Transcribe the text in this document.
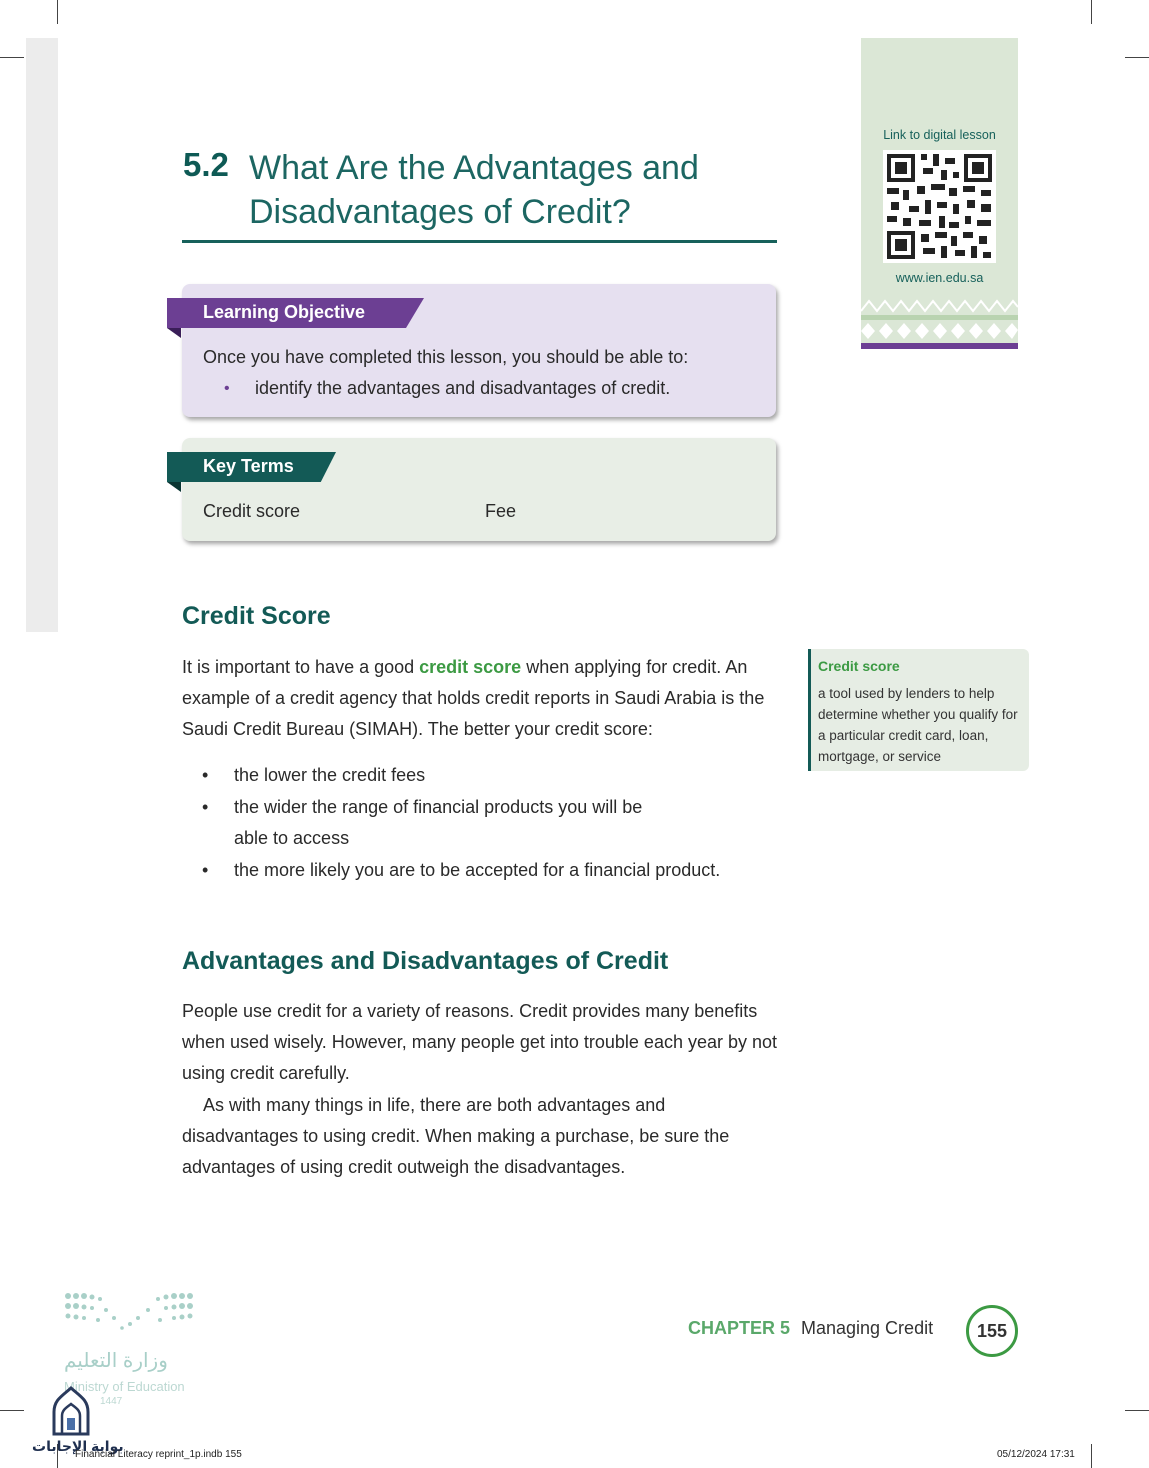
5.2 What Are the Advantages and Disadvantages of Credit?
Learning Objective
Once you have completed this lesson, you should be able to:
• identify the advantages and disadvantages of credit.
Key Terms
Credit score	Fee
Link to digital lesson
www.ien.edu.sa
Credit Score
It is important to have a good credit score when applying for credit. An example of a credit agency that holds credit reports in Saudi Arabia is the Saudi Credit Bureau (SIMAH). The better your credit score:
• the lower the credit fees
• the wider the range of financial products you will be able to access
• the more likely you are to be accepted for a financial product.
Credit score
a tool used by lenders to help determine whether you qualify for a particular credit card, loan, mortgage, or service
Advantages and Disadvantages of Credit
People use credit for a variety of reasons. Credit provides many benefits when used wisely. However, many people get into trouble each year by not using credit carefully.
As with many things in life, there are both advantages and disadvantages to using credit. When making a purchase, be sure the advantages of using credit outweigh the disadvantages.
CHAPTER 5 Managing Credit	155
وزارة التعليم
Ministry of Education
1447
بوابة الإجابات
Financial Literacy reprint_1p.indb 155	05/12/2024 17:31
